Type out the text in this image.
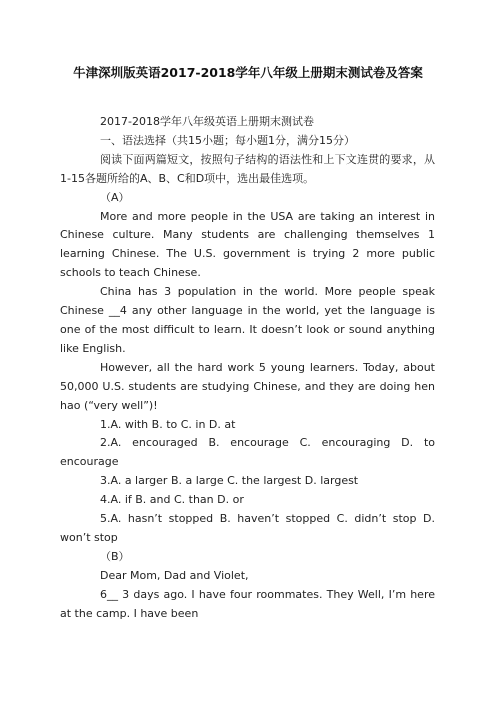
牛津深圳版英语2017-2018学年八年级上册期末测试卷及答案

2017-2018学年八年级英语上册期末测试卷

一、语法选择（共15小题；每小题1分，满分15分）

阅读下面两篇短文，按照句子结构的语法性和上下文连贯的要求，从1-15各题所给的A、B、C和D项中，选出最佳选项。

（A）

More and more people in the USA are taking an interest in Chinese culture. Many students are challenging themselves 1 learning Chinese. The U.S. government is trying 2 more public schools to teach Chinese.

China has 3 population in the world. More people speak Chinese __4 any other language in the world, yet the language is one of the most difficult to learn. It doesn’t look or sound anything like English.

However, all the hard work 5 young learners. Today, about 50,000 U.S. students are studying Chinese, and they are doing hen hao (“very well”)!

1.A. with B. to C. in D. at

2.A. encouraged B. encourage C. encouraging D. to encourage

3.A. a larger B. a large C. the largest D. largest

4.A. if B. and C. than D. or

5.A. hasn’t stopped B. haven’t stopped C. didn’t stop D. won’t stop

（B）

Dear Mom, Dad and Violet,

6__ 3 days ago. I have four roommates. They Well, I’m here at the camp. I have been
